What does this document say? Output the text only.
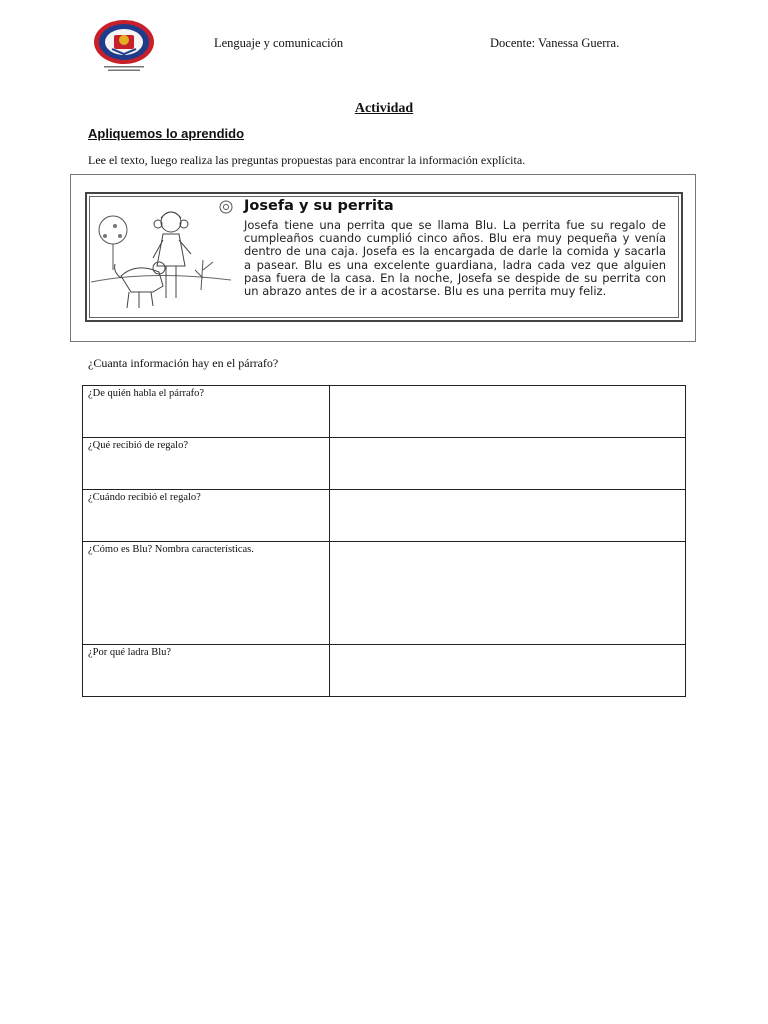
Lenguaje y comunicación	Docente: Vanessa Guerra.
Actividad
Apliquemos lo aprendido
Lee el texto, luego realiza las preguntas propuestas para encontrar la información explícita.
Josefa y su perrita
Josefa tiene una perrita que se llama Blu. La perrita fue su regalo de cumpleaños cuando cumplió cinco años. Blu era muy pequeña y venía dentro de una caja. Josefa es la encargada de darle la comida y sacarla a pasear. Blu es una excelente guardiana, ladra cada vez que alguien pasa fuera de la casa. En la noche, Josefa se despide de su perrita con un abrazo antes de ir a acostarse. Blu es una perrita muy feliz.
¿Cuanta información hay en el párrafo?
¿De quién habla el párrafo?	
¿Qué recibió de regalo?	
¿Cuándo recibió el regalo?	
¿Cómo es Blu? Nombra características.	
¿Por qué ladra Blu?	
